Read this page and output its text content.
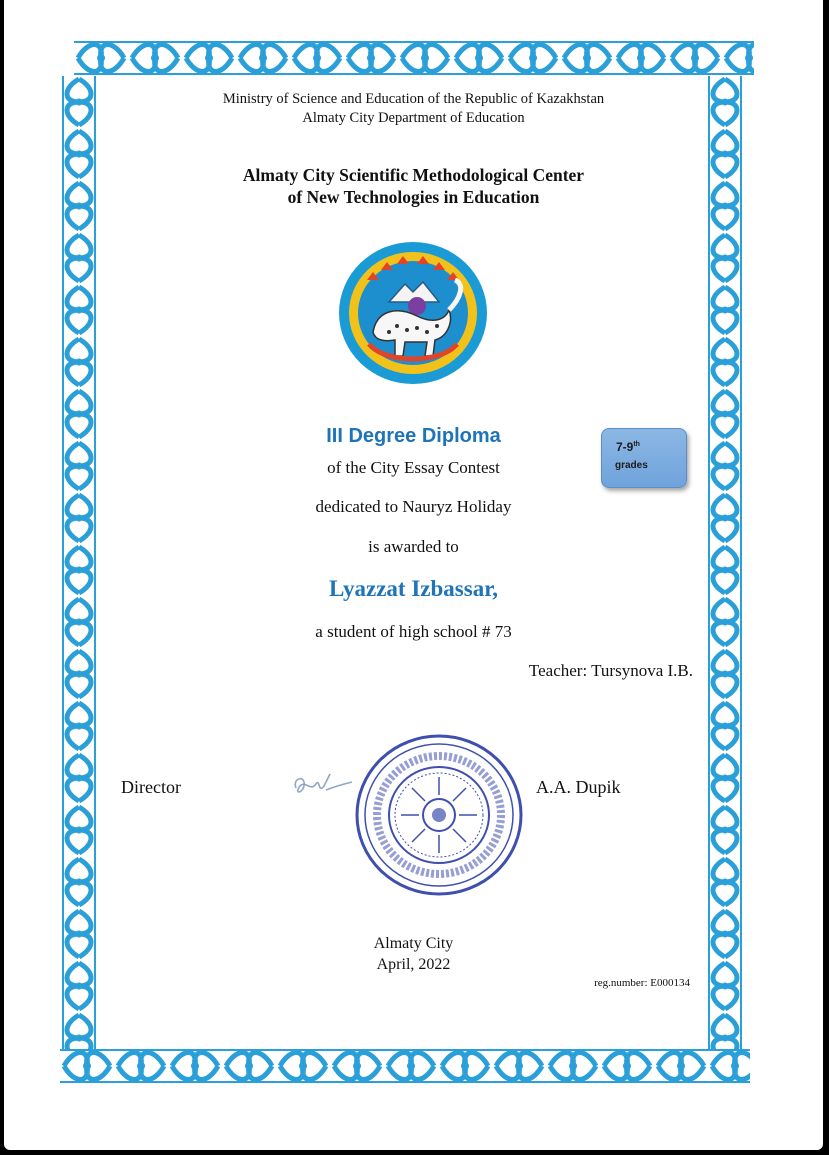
Ministry of Science and Education of the Republic of Kazakhstan
Almaty City Department of Education
Almaty City Scientific Methodological Center
of New Technologies in Education
III Degree Diploma
of the City Essay Contest
dedicated to Nauryz Holiday
is awarded to
Lyazzat Izbassar,
a student of high school # 73
Teacher: Tursynova I.B.
7-9th
grades
Director	A.A. Dupik
Almaty City
April, 2022
reg.number: E000134
